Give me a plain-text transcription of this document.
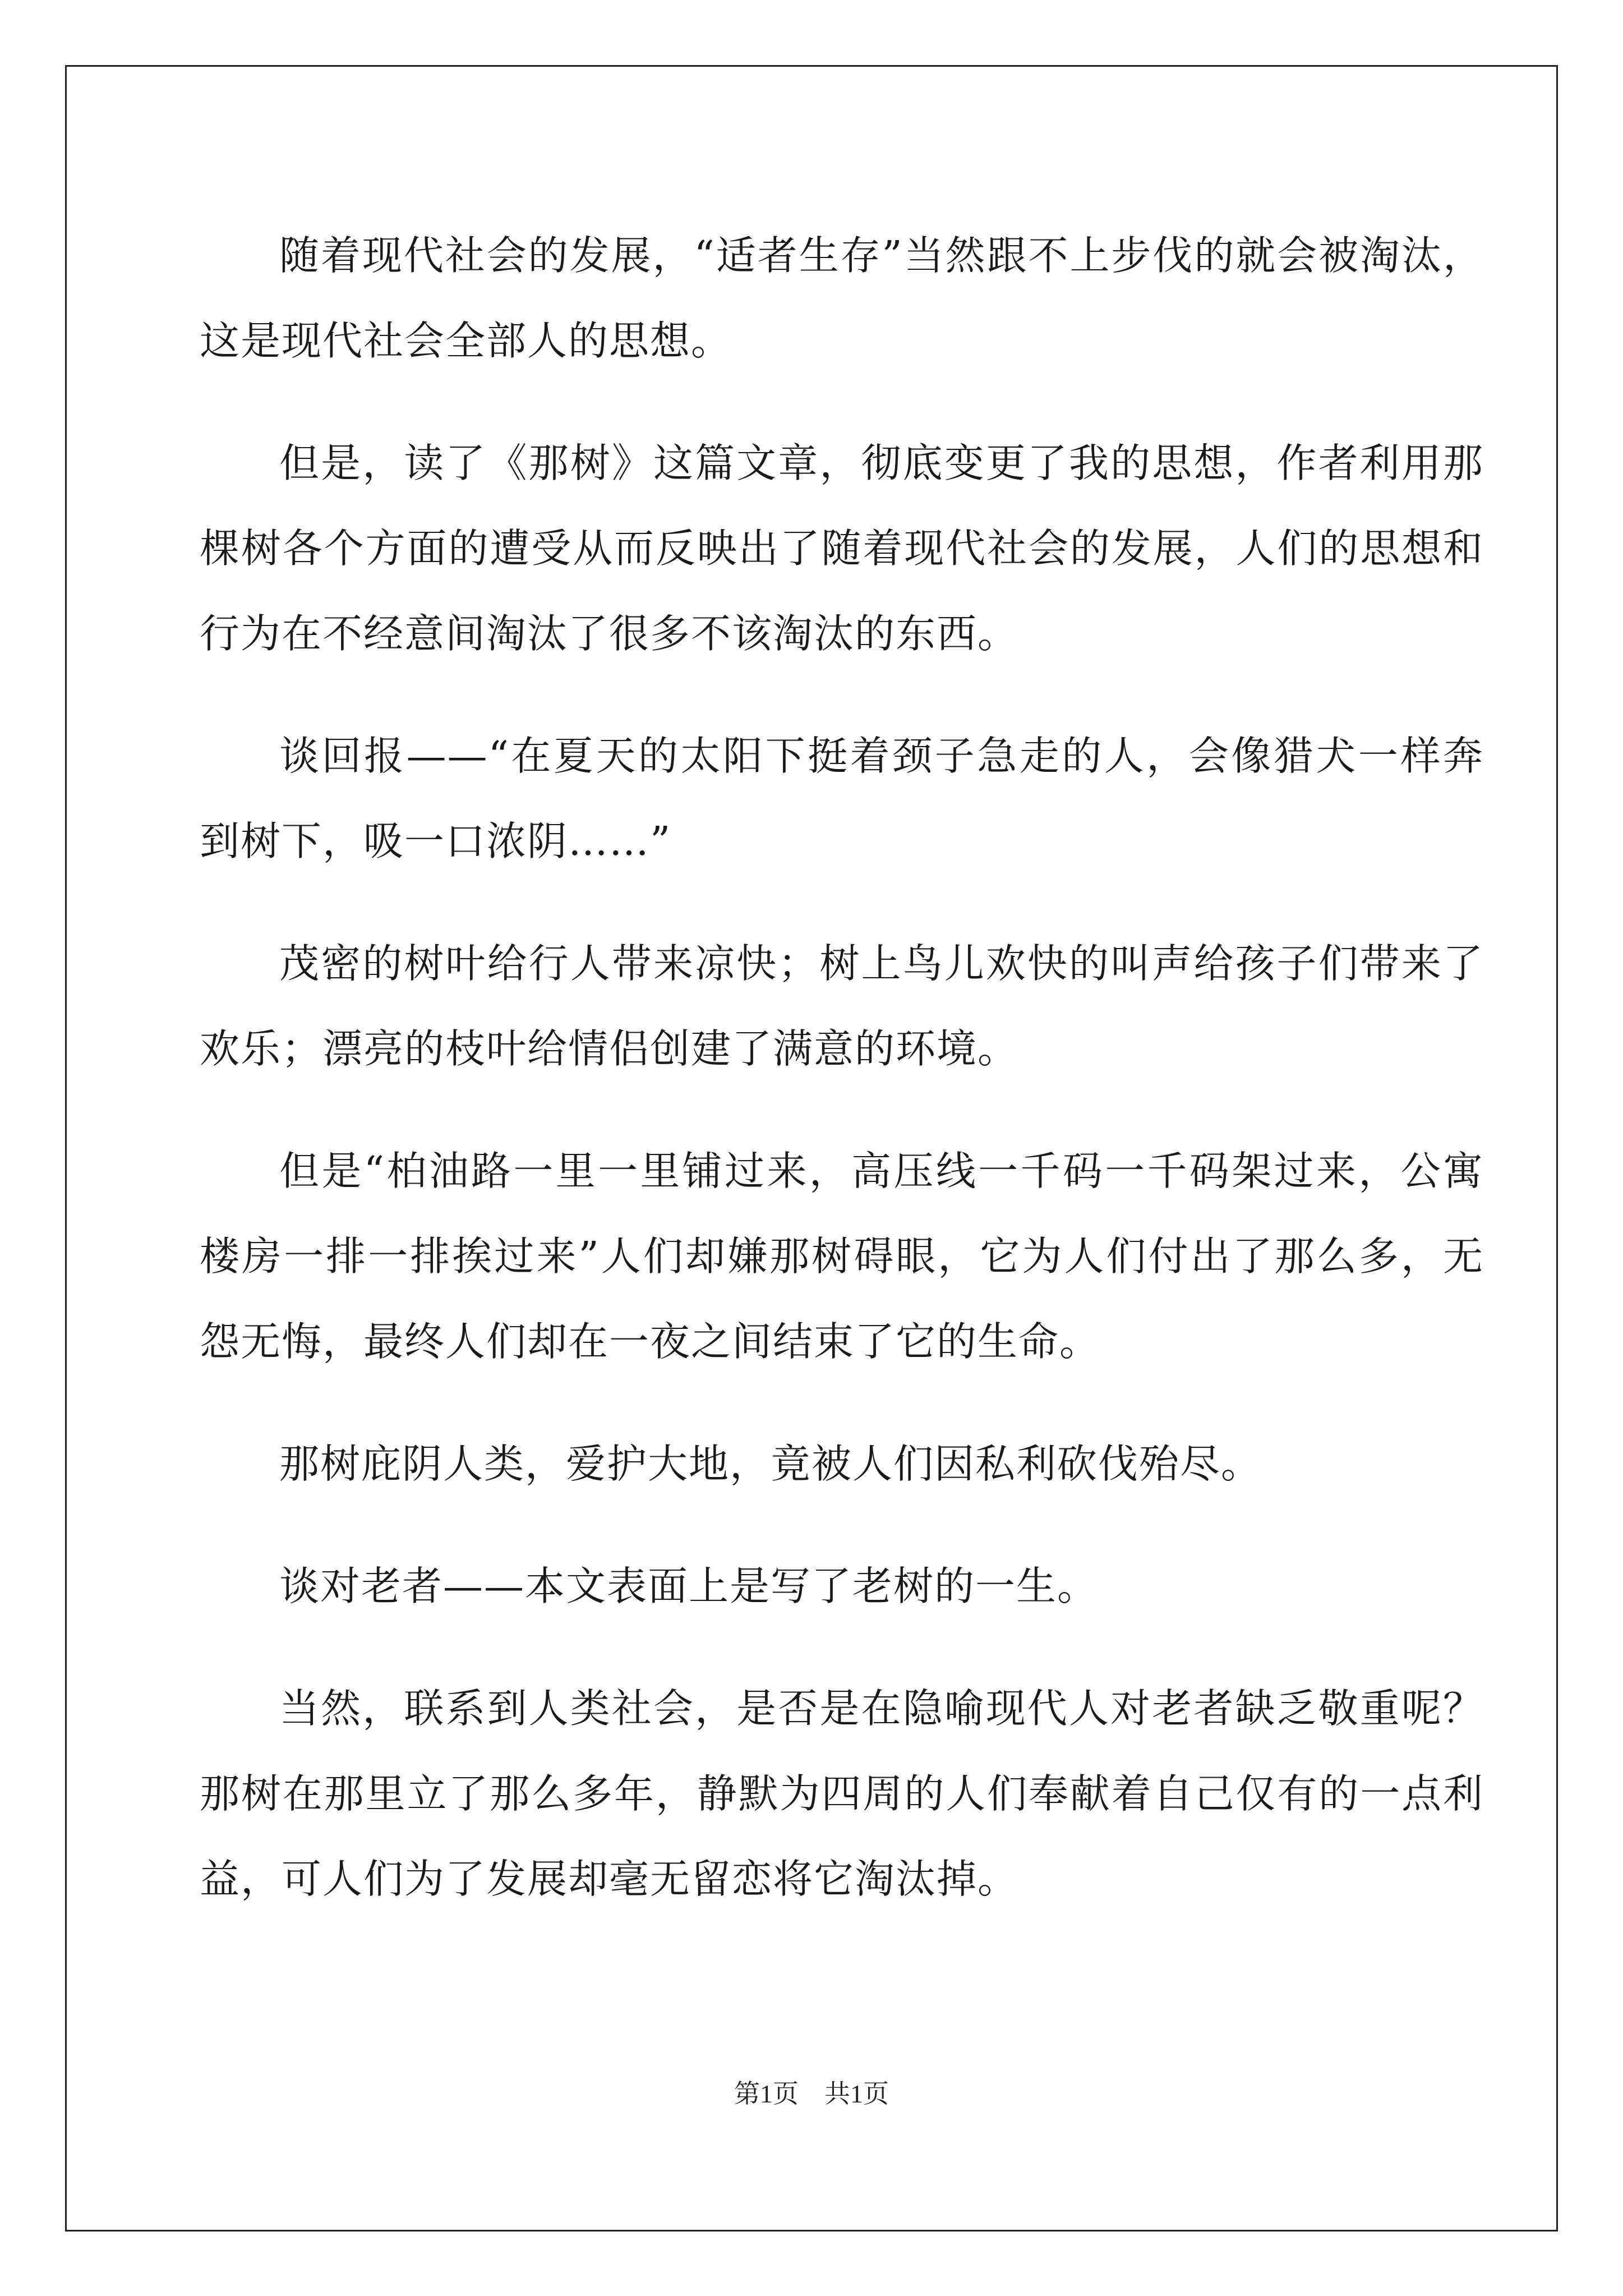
随着现代社会的发展，“适者生存”当然跟不上步伐的就会被淘汰，这是现代社会全部人的思想。

但是，读了《那树》这篇文章，彻底变更了我的思想，作者利用那棵树各个方面的遭受从而反映出了随着现代社会的发展，人们的思想和行为在不经意间淘汰了很多不该淘汰的东西。

谈回报——“在夏天的太阳下挺着颈子急走的人，会像猎犬一样奔到树下，吸一口浓阴……”

茂密的树叶给行人带来凉快；树上鸟儿欢快的叫声给孩子们带来了欢乐；漂亮的枝叶给情侣创建了满意的环境。

但是“柏油路一里一里铺过来，高压线一千码一千码架过来，公寓楼房一排一排挨过来”人们却嫌那树碍眼，它为人们付出了那么多，无怨无悔，最终人们却在一夜之间结束了它的生命。

那树庇阴人类，爱护大地，竟被人们因私利砍伐殆尽。

谈对老者——本文表面上是写了老树的一生。

当然，联系到人类社会，是否是在隐喻现代人对老者缺乏敬重呢？那树在那里立了那么多年，静默为四周的人们奉献着自己仅有的一点利益，可人们为了发展却毫无留恋将它淘汰掉。

第1页 共1页
